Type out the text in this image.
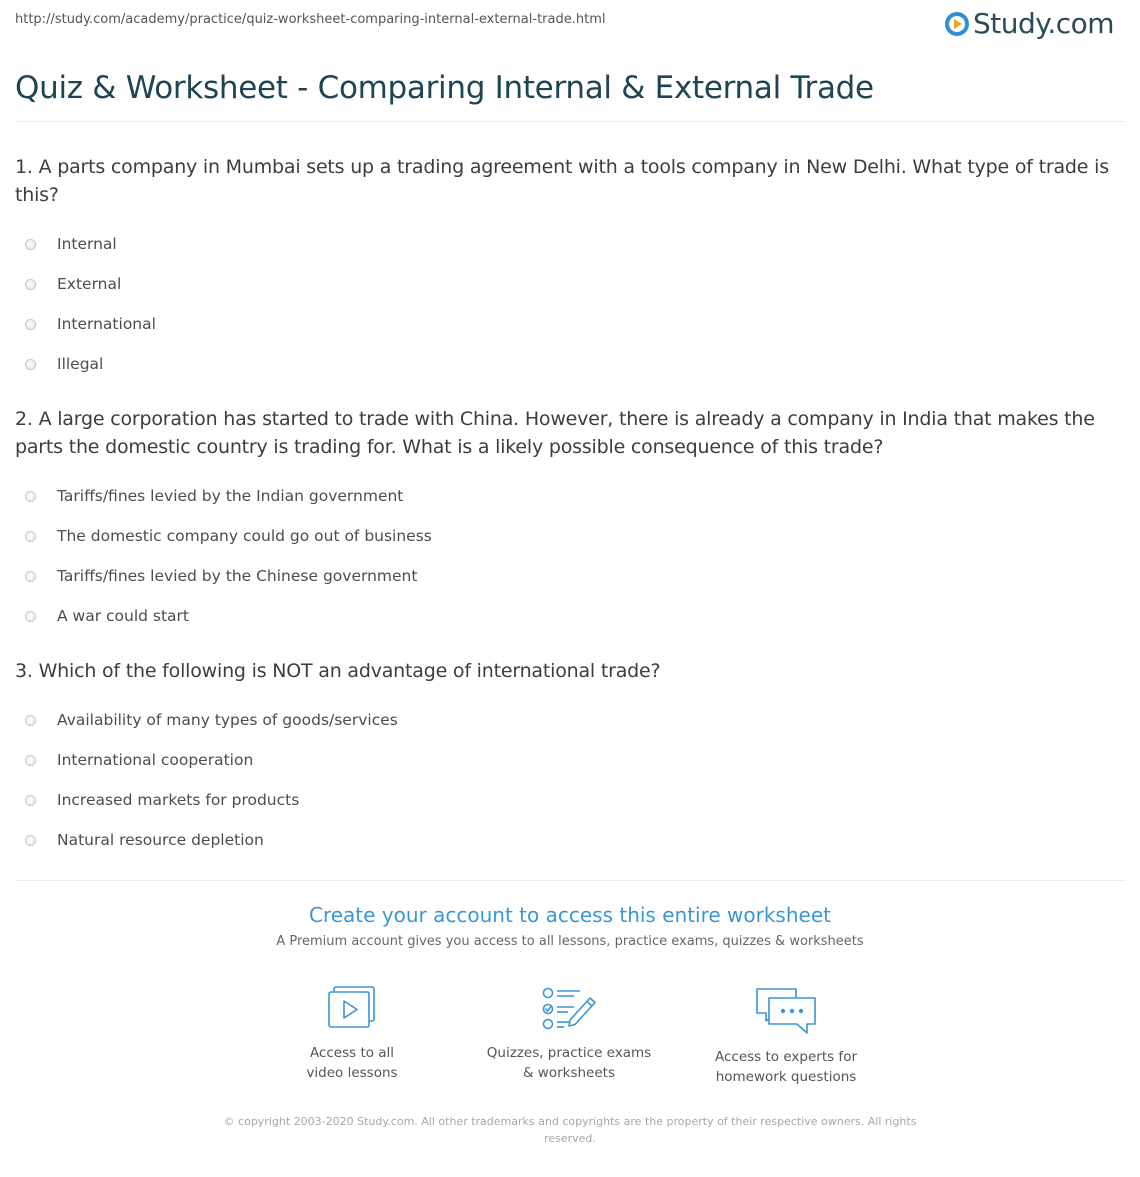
http://study.com/academy/practice/quiz-worksheet-comparing-internal-external-trade.html	Study.com
Quiz & Worksheet - Comparing Internal & External Trade
1. A parts company in Mumbai sets up a trading agreement with a tools company in New Delhi. What type of trade is this?
Internal
External
International
Illegal
2. A large corporation has started to trade with China. However, there is already a company in India that makes the parts the domestic country is trading for. What is a likely possible consequence of this trade?
Tariffs/fines levied by the Indian government
The domestic company could go out of business
Tariffs/fines levied by the Chinese government
A war could start
3. Which of the following is NOT an advantage of international trade?
Availability of many types of goods/services
International cooperation
Increased markets for products
Natural resource depletion
Create your account to access this entire worksheet
A Premium account gives you access to all lessons, practice exams, quizzes & worksheets
Access to all
video lessons
Quizzes, practice exams
& worksheets
Access to experts for
homework questions
© copyright 2003-2020 Study.com. All other trademarks and copyrights are the property of their respective owners. All rights reserved.
